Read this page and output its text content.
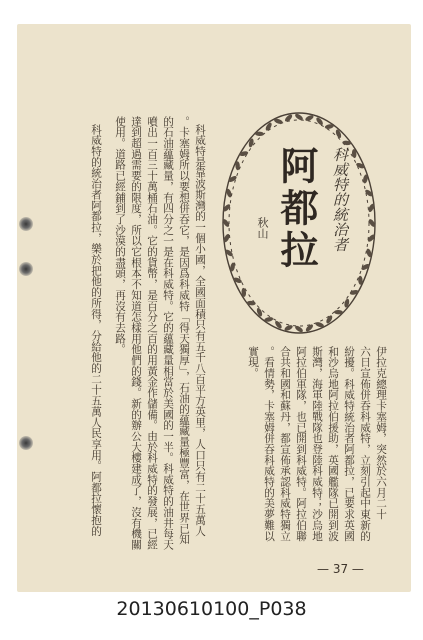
科威特的統治者
阿都拉
秋山
伊拉克總理卡塞姆，突然於六月二十
六日宣佈併吞科威特，立刻引起中東新的
紛擾。科威特統治者阿都拉，已要求英國
和沙烏地阿拉伯援助，英國艦隊已開到波
斯灣，海軍陸戰隊也登陸科威特；沙烏地
阿拉伯軍隊，也已開到科威特。阿拉伯聯
合共和國和蘇丹，都宣佈承認科威特獨立
。看情勢，卡塞姆併吞科威特的美夢難以
實現。
科威特是靠波斯灣的一個小國，全國面積只有五千八百平方英里，人口只有二十五萬人
。卡塞姆所以要想併吞它，是因爲科威特「得天獨厚」，石油的蘊藏量極豐富，在世界已知
的石油蘊藏量，有四分之一是在科威特。它的蘊藏量相當於美國的一半。科威特的油井每天
噴出一百三十萬桶石油。它的貨幣，是百分之百的用黃金作儲備。由於科威特的發展，已經
達到超過需要的限度，所以它根本不知道怎樣用他們的錢。新的辦公大樓建成了，沒有機關
使用。道路已經鋪到了沙漠的盡頭，再沒有去路。
科威特的統治者阿都拉，樂於把他的所得，分給他的二十五萬人民享用。阿都拉懷抱的
— 37 —
20130610100_P038
